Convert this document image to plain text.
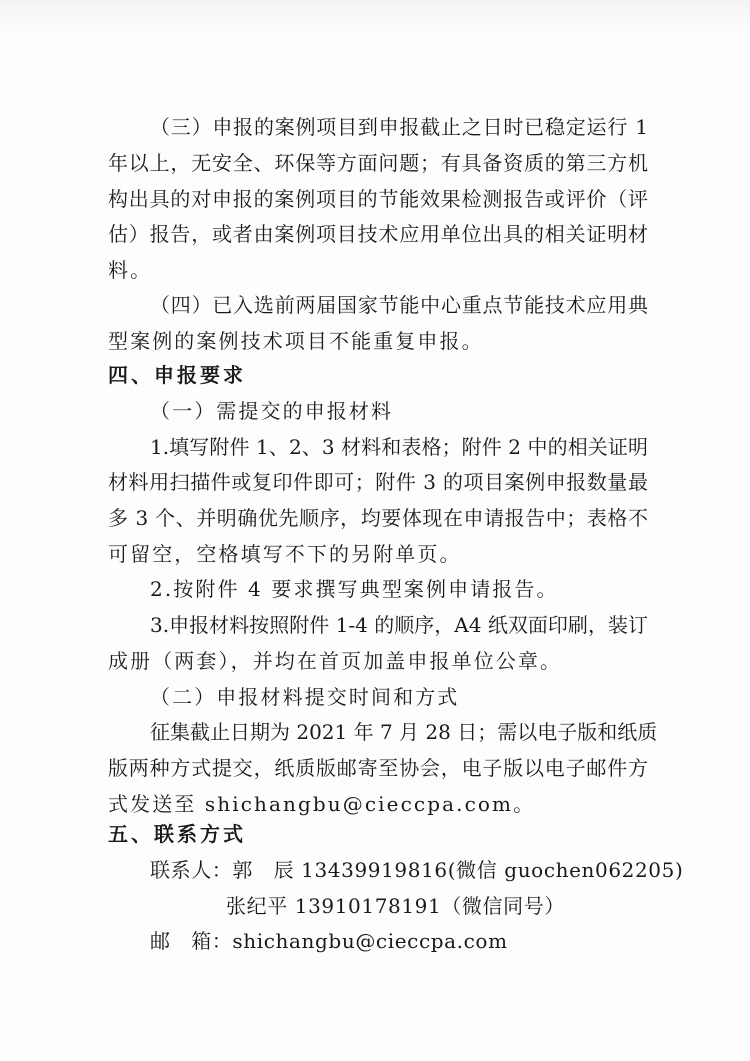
（三）申报的案例项目到申报截止之日时已稳定运行 1
年以上，无安全、环保等方面问题；有具备资质的第三方机
构出具的对申报的案例项目的节能效果检测报告或评价（评
估）报告，或者由案例项目技术应用单位出具的相关证明材
料。
（四）已入选前两届国家节能中心重点节能技术应用典
型案例的案例技术项目不能重复申报。
四、申报要求
（一）需提交的申报材料
1.填写附件 1、2、3 材料和表格；附件 2 中的相关证明
材料用扫描件或复印件即可；附件 3 的项目案例申报数量最
多 3 个、并明确优先顺序，均要体现在申请报告中；表格不
可留空，空格填写不下的另附单页。
2.按附件 4 要求撰写典型案例申请报告。
3.申报材料按照附件 1-4 的顺序，A4 纸双面印刷，装订
成册（两套），并均在首页加盖申报单位公章。
（二）申报材料提交时间和方式
征集截止日期为 2021 年 7 月 28 日；需以电子版和纸质
版两种方式提交，纸质版邮寄至协会，电子版以电子邮件方
式发送至 shichangbu@cieccpa.com。
五、联系方式
联系人：郭　辰 13439919816(微信 guochen062205)
张纪平 13910178191（微信同号）
邮　箱：shichangbu@cieccpa.com
